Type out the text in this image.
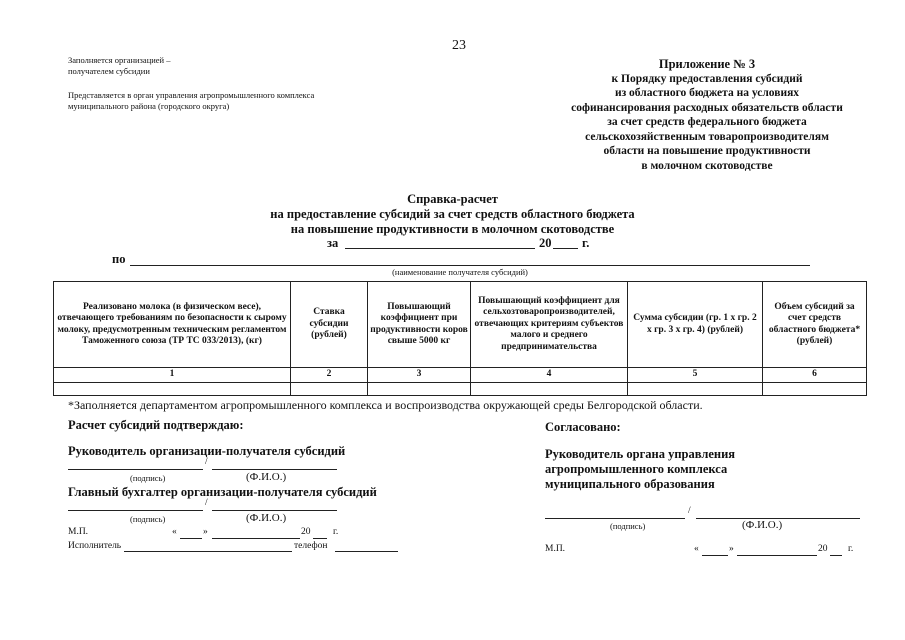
23
Заполняется организацией –
получателем субсидии
Представляется в орган управления агропромышленного комплекса
муниципального района (городского округа)
Приложение № 3
к Порядку предоставления субсидий
из областного бюджета на условиях
софинансирования расходных обязательств области
за счет средств федерального бюджета
сельскохозяйственным товаропроизводителям
области на повышение продуктивности
в молочном скотоводстве
Справка-расчет
на предоставление субсидий за счет средств областного бюджета
на повышение продуктивности в молочном скотоводстве
за	20 г.
по
(наименование получателя субсидий)
Реализовано молока (в физическом весе), отвечающего требованиям по безопасности к сырому молоку, предусмотренным техническим регламентом Таможенного союза (ТР ТС 033/2013), (кг)	Ставка субсидии (рублей)	Повышающий коэффициент при продуктивности коров свыше 5000 кг	Повышающий коэффициент для сельхозтоваропроизводителей, отвечающих критериям субъектов малого и среднего предпринимательства	Сумма субсидии (гр. 1 х гр. 2 х гр. 3 х гр. 4) (рублей)	Объем субсидий за счет средств областного бюджета* (рублей)
1	2	3	4	5	6

*Заполняется департаментом агропромышленного комплекса и воспроизводства окружающей среды Белгородской области.
Расчет субсидий подтверждаю:
Руководитель организации-получателя субсидий
/
(подпись)	(Ф.И.О.)
Главный бухгалтер организации-получателя субсидий
/
(подпись)	(Ф.И.О.)
М.П.	«	»	20 г.
Исполнитель	телефон
Согласовано:
Руководитель органа управления
агропромышленного комплекса
муниципального образования
/
(подпись)	(Ф.И.О.)
М.П.	«	»	20 г.
